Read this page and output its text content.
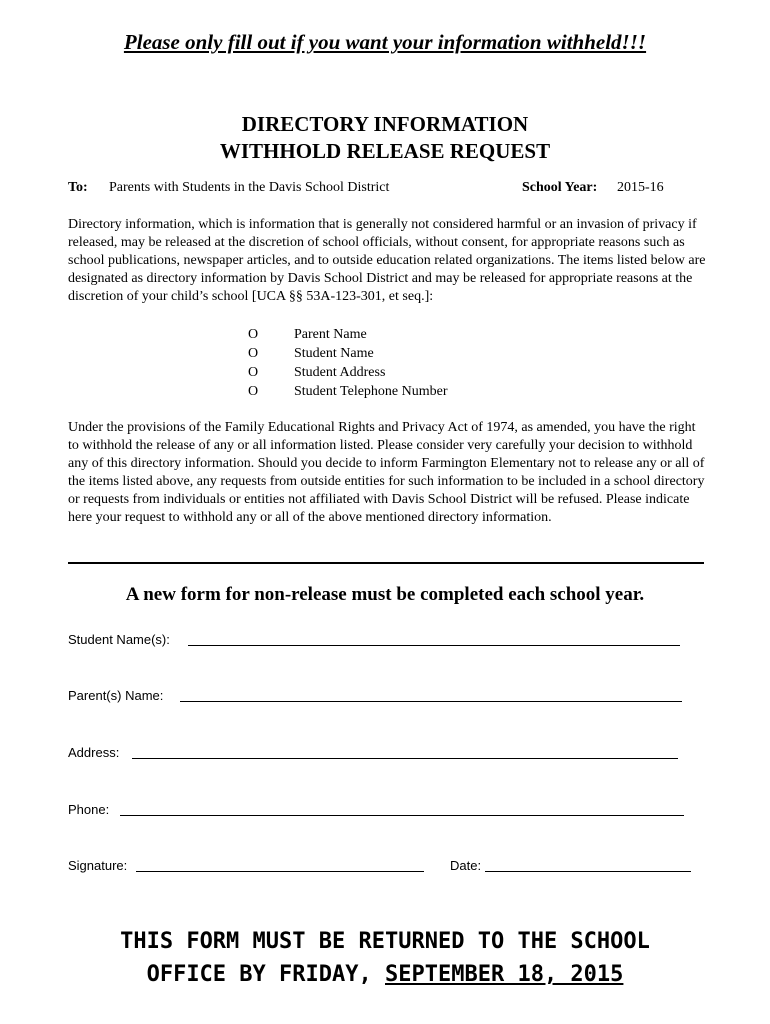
Please only fill out if you want your information withheld!!!
DIRECTORY INFORMATION
WITHHOLD RELEASE REQUEST
To: Parents with Students in the Davis School District	School Year: 2015-16

Directory information, which is information that is generally not considered harmful or an invasion of privacy if released, may be released at the discretion of school officials, without consent, for appropriate reasons such as school publications, newspaper articles, and to outside education related organizations. The items listed below are designated as directory information by Davis School District and may be released for appropriate reasons at the discretion of your child’s school [UCA §§ 53A-123-301, et seq.]:

O	Parent Name
O	Student Name
O	Student Address
O	Student Telephone Number

Under the provisions of the Family Educational Rights and Privacy Act of 1974, as amended, you have the right to withhold the release of any or all information listed. Please consider very carefully your decision to withhold any of this directory information. Should you decide to inform Farmington Elementary not to release any or all of the items listed above, any requests from outside entities for such information to be included in a school directory or requests from individuals or entities not affiliated with Davis School District will be refused. Please indicate here your request to withhold any or all of the above mentioned directory information.

A new form for non-release must be completed each school year.
Student Name(s):
Parent(s) Name:
Address:
Phone:
Signature:	Date:
THIS FORM MUST BE RETURNED TO THE SCHOOL
OFFICE BY FRIDAY, SEPTEMBER 18, 2015
